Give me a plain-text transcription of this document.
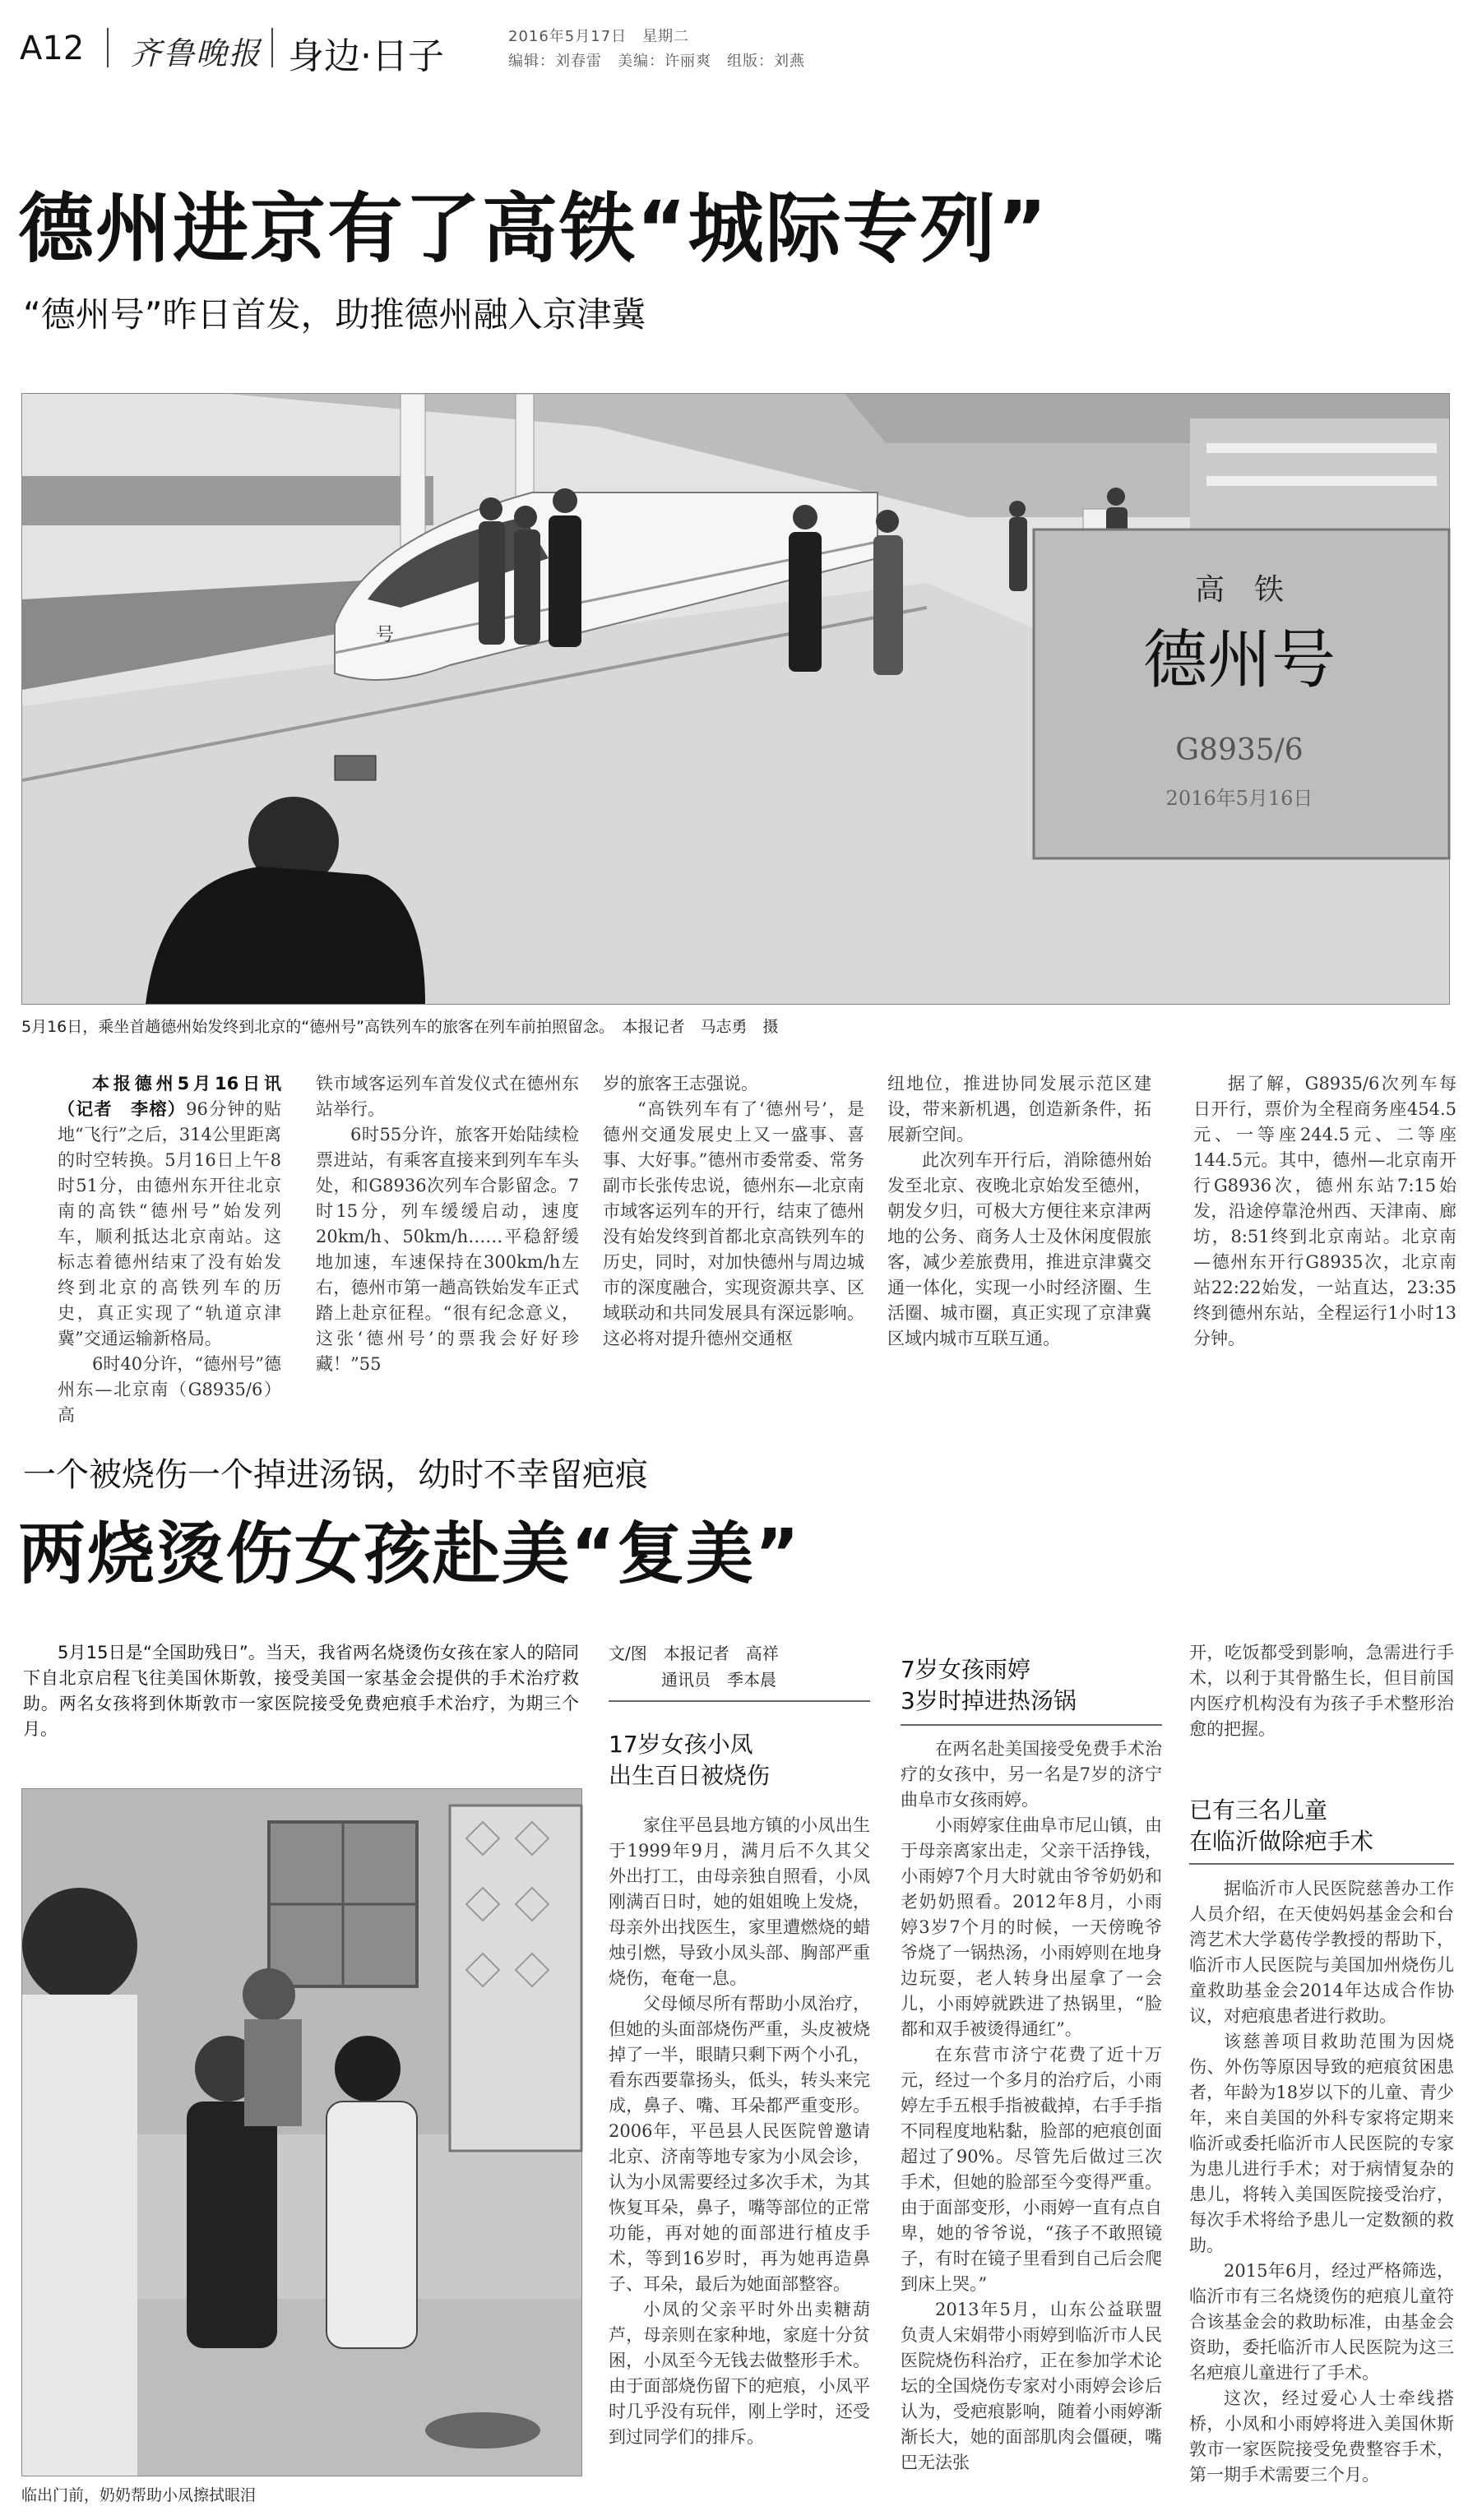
A12 齐鲁晚报 身边·日子	2016年5月17日　星期二
编辑：刘春雷　美编：许丽爽　组版：刘燕
德州进京有了高铁“城际专列”
“德州号”昨日首发，助推德州融入京津冀
号
高　铁
德州号
G8935/6
2016年5月16日
5月16日，乘坐首趟德州始发终到北京的“德州号”高铁列车的旅客在列车前拍照留念。　本报记者　马志勇　摄

本报德州5月16日讯（记者　李榕）96分钟的贴地“飞行”之后，314公里距离的时空转换。5月16日上午8时51分，由德州东开往北京南的高铁“德州号”始发列车，顺利抵达北京南站。这标志着德州结束了没有始发终到北京的高铁列车的历史，真正实现了“轨道京津冀”交通运输新格局。

6时40分许，“德州号”德州东—北京南（G8935/6）高

铁市域客运列车首发仪式在德州东站举行。

6时55分许，旅客开始陆续检票进站，有乘客直接来到列车车头处，和G8936次列车合影留念。7时15分，列车缓缓启动，速度20km/h、50km/h……平稳舒缓地加速，车速保持在300km/h左右，德州市第一趟高铁始发车正式踏上赴京征程。“很有纪念意义，这张‘德州号’的票我会好好珍藏！”55

岁的旅客王志强说。

“高铁列车有了‘德州号’，是德州交通发展史上又一盛事、喜事、大好事。”德州市委常委、常务副市长张传忠说，德州东—北京南市域客运列车的开行，结束了德州没有始发终到首都北京高铁列车的历史，同时，对加快德州与周边城市的深度融合，实现资源共享、区域联动和共同发展具有深远影响。这必将对提升德州交通枢

纽地位，推进协同发展示范区建设，带来新机遇，创造新条件，拓展新空间。

此次列车开行后，消除德州始发至北京、夜晚北京始发至德州，朝发夕归，可极大方便往来京津两地的公务、商务人士及休闲度假旅客，减少差旅费用，推进京津冀交通一体化，实现一小时经济圈、生活圈、城市圈，真正实现了京津冀区域内城市互联互通。

据了解，G8935/6次列车每日开行，票价为全程商务座454.5元、一等座244.5元、二等座144.5元。其中，德州—北京南开行G8936次，德州东站7:15始发，沿途停靠沧州西、天津南、廊坊，8:51终到北京南站。北京南—德州东开行G8935次，北京南站22:22始发，一站直达，23:35终到德州东站，全程运行1小时13分钟。

一个被烧伤一个掉进汤锅，幼时不幸留疤痕
两烧烫伤女孩赴美“复美”

5月15日是“全国助残日”。当天，我省两名烧烫伤女孩在家人的陪同下自北京启程飞往美国休斯敦，接受美国一家基金会提供的手术治疗救助。两名女孩将到休斯敦市一家医院接受免费疤痕手术治疗，为期三个月。

临出门前，奶奶帮助小凤擦拭眼泪
文/图　本报记者　高祥
通讯员　季本晨
17岁女孩小凤
出生百日被烧伤

家住平邑县地方镇的小凤出生于1999年9月，满月后不久其父外出打工，由母亲独自照看，小凤刚满百日时，她的姐姐晚上发烧，母亲外出找医生，家里遭燃烧的蜡烛引燃，导致小凤头部、胸部严重烧伤，奄奄一息。

父母倾尽所有帮助小凤治疗，但她的头面部烧伤严重，头皮被烧掉了一半，眼睛只剩下两个小孔，看东西要靠扬头，低头，转头来完成，鼻子、嘴、耳朵都严重变形。2006年，平邑县人民医院曾邀请北京、济南等地专家为小凤会诊，认为小凤需要经过多次手术，为其恢复耳朵，鼻子，嘴等部位的正常功能，再对她的面部进行植皮手术，等到16岁时，再为她再造鼻子、耳朵，最后为她面部整容。

小凤的父亲平时外出卖糖葫芦，母亲则在家种地，家庭十分贫困，小凤至今无钱去做整形手术。由于面部烧伤留下的疤痕，小凤平时几乎没有玩伴，刚上学时，还受到过同学们的排斥。

7岁女孩雨婷
3岁时掉进热汤锅

在两名赴美国接受免费手术治疗的女孩中，另一名是7岁的济宁曲阜市女孩雨婷。

小雨婷家住曲阜市尼山镇，由于母亲离家出走，父亲干活挣钱，小雨婷7个月大时就由爷爷奶奶和老奶奶照看。2012年8月，小雨婷3岁7个月的时候，一天傍晚爷爷烧了一锅热汤，小雨婷则在地身边玩耍，老人转身出屋拿了一会儿，小雨婷就跌进了热锅里，“脸都和双手被烫得通红”。

在东营市济宁花费了近十万元，经过一个多月的治疗后，小雨婷左手五根手指被截掉，右手手指不同程度地粘黏，脸部的疤痕创面超过了90%。尽管先后做过三次手术，但她的脸部至今变得严重。由于面部变形，小雨婷一直有点自卑，她的爷爷说，“孩子不敢照镜子，有时在镜子里看到自己后会爬到床上哭。”

2013年5月，山东公益联盟负责人宋娟带小雨婷到临沂市人民医院烧伤科治疗，正在参加学术论坛的全国烧伤专家对小雨婷会诊后认为，受疤痕影响，随着小雨婷渐渐长大，她的面部肌肉会僵硬，嘴巴无法张

开，吃饭都受到影响，急需进行手术，以利于其骨骼生长，但目前国内医疗机构没有为孩子手术整形治愈的把握。

已有三名儿童
在临沂做除疤手术

据临沂市人民医院慈善办工作人员介绍，在天使妈妈基金会和台湾艺术大学葛传学教授的帮助下，临沂市人民医院与美国加州烧伤儿童救助基金会2014年达成合作协议，对疤痕患者进行救助。

该慈善项目救助范围为因烧伤、外伤等原因导致的疤痕贫困患者，年龄为18岁以下的儿童、青少年，来自美国的外科专家将定期来临沂或委托临沂市人民医院的专家为患儿进行手术；对于病情复杂的患儿，将转入美国医院接受治疗，每次手术将给予患儿一定数额的救助。

2015年6月，经过严格筛选，临沂市有三名烧烫伤的疤痕儿童符合该基金会的救助标准，由基金会资助，委托临沂市人民医院为这三名疤痕儿童进行了手术。

这次，经过爱心人士牵线搭桥，小凤和小雨婷将进入美国休斯敦市一家医院接受免费整容手术，第一期手术需要三个月。
